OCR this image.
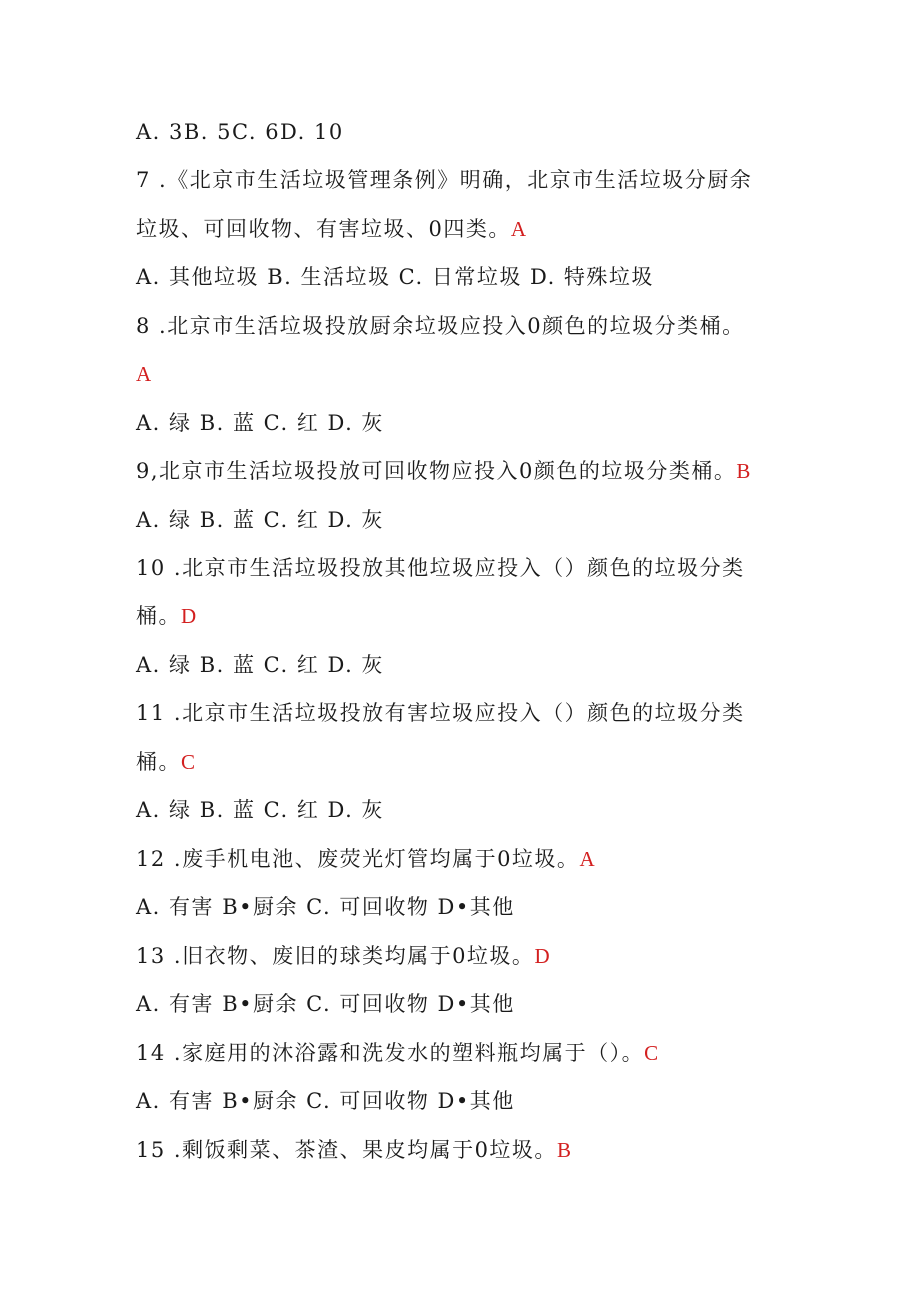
A. 3B. 5C. 6D. 10
7 .《北京市生活垃圾管理条例》明确，北京市生活垃圾分厨余
垃圾、可回收物、有害垃圾、0四类。A
A. 其他垃圾 B. 生活垃圾 C. 日常垃圾 D. 特殊垃圾
8 .北京市生活垃圾投放厨余垃圾应投入0颜色的垃圾分类桶。
A
A. 绿 B. 蓝 C. 红 D. 灰
9,北京市生活垃圾投放可回收物应投入0颜色的垃圾分类桶。B
A. 绿 B. 蓝 C. 红 D. 灰
10 .北京市生活垃圾投放其他垃圾应投入（）颜色的垃圾分类
桶。D
A. 绿 B. 蓝 C. 红 D. 灰
11 .北京市生活垃圾投放有害垃圾应投入（）颜色的垃圾分类
桶。C
A. 绿 B. 蓝 C. 红 D. 灰
12 .废手机电池、废荧光灯管均属于0垃圾。A
A. 有害 B•厨余 C. 可回收物 D•其他
13 .旧衣物、废旧的球类均属于0垃圾。D
A. 有害 B•厨余 C. 可回收物 D•其他
14 .家庭用的沐浴露和洗发水的塑料瓶均属于（）。C
A. 有害 B•厨余 C. 可回收物 D•其他
15 .剩饭剩菜、茶渣、果皮均属于0垃圾。B
